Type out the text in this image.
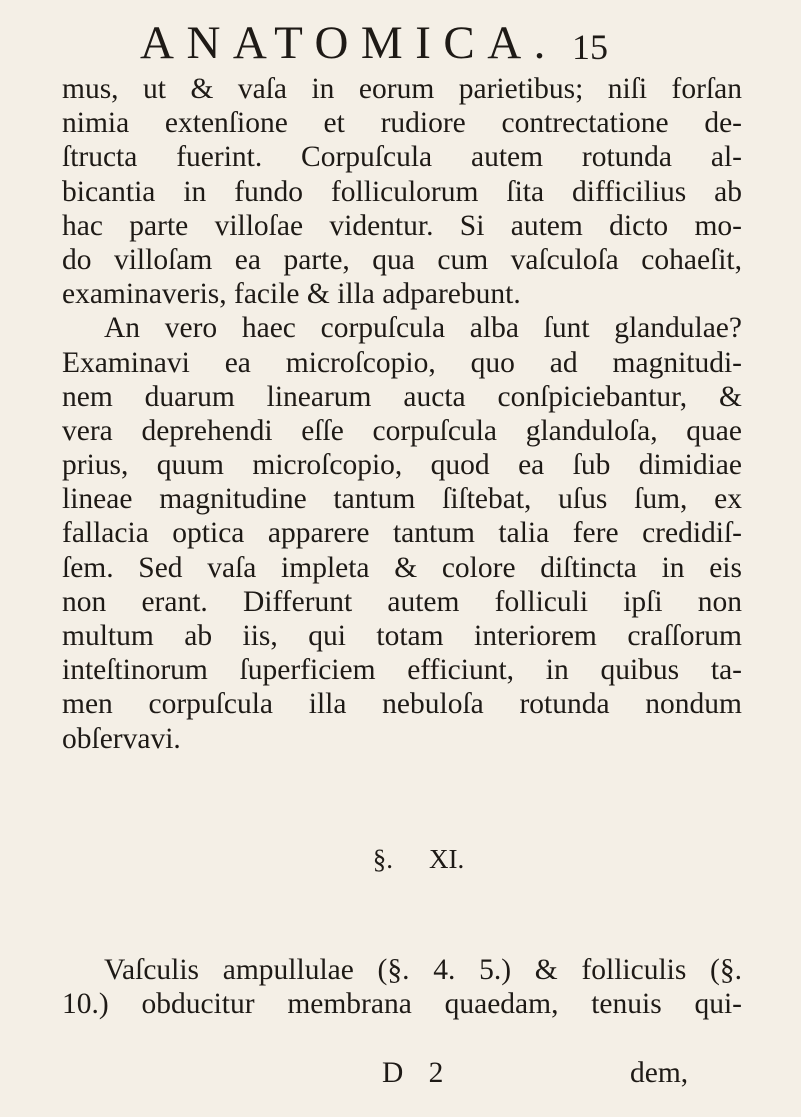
ANATOMICA. 15
mus, ut & vaſa in eorum parietibus; niſi forſan
nimia extenſione et rudiore contrectatione de-
ſtructa fuerint. Corpuſcula autem rotunda al-
bicantia in fundo folliculorum ſita difficilius ab
hac parte villoſae videntur. Si autem dicto mo-
do villoſam ea parte, qua cum vaſculoſa cohaeſit,
examinaveris, facile & illa adparebunt.
An vero haec corpuſcula alba ſunt glandulae?
Examinavi ea microſcopio, quo ad magnitudi-
nem duarum linearum aucta conſpiciebantur, &
vera deprehendi eſſe corpuſcula glanduloſa, quae
prius, quum microſcopio, quod ea ſub dimidiae
lineae magnitudine tantum ſiſtebat, uſus ſum, ex
fallacia optica apparere tantum talia fere credidiſ-
ſem. Sed vaſa impleta & colore diſtincta in eis
non erant. Differunt autem folliculi ipſi non
multum ab iis, qui totam interiorem craſſorum
inteſtinorum ſuperficiem efficiunt, in quibus ta-
men corpuſcula illa nebuloſa rotunda nondum
obſervavi.
§. XI.
Vaſculis ampullulae (§. 4. 5.) & folliculis (§.
10.) obducitur membrana quaedam, tenuis qui-
D 2	dem,
